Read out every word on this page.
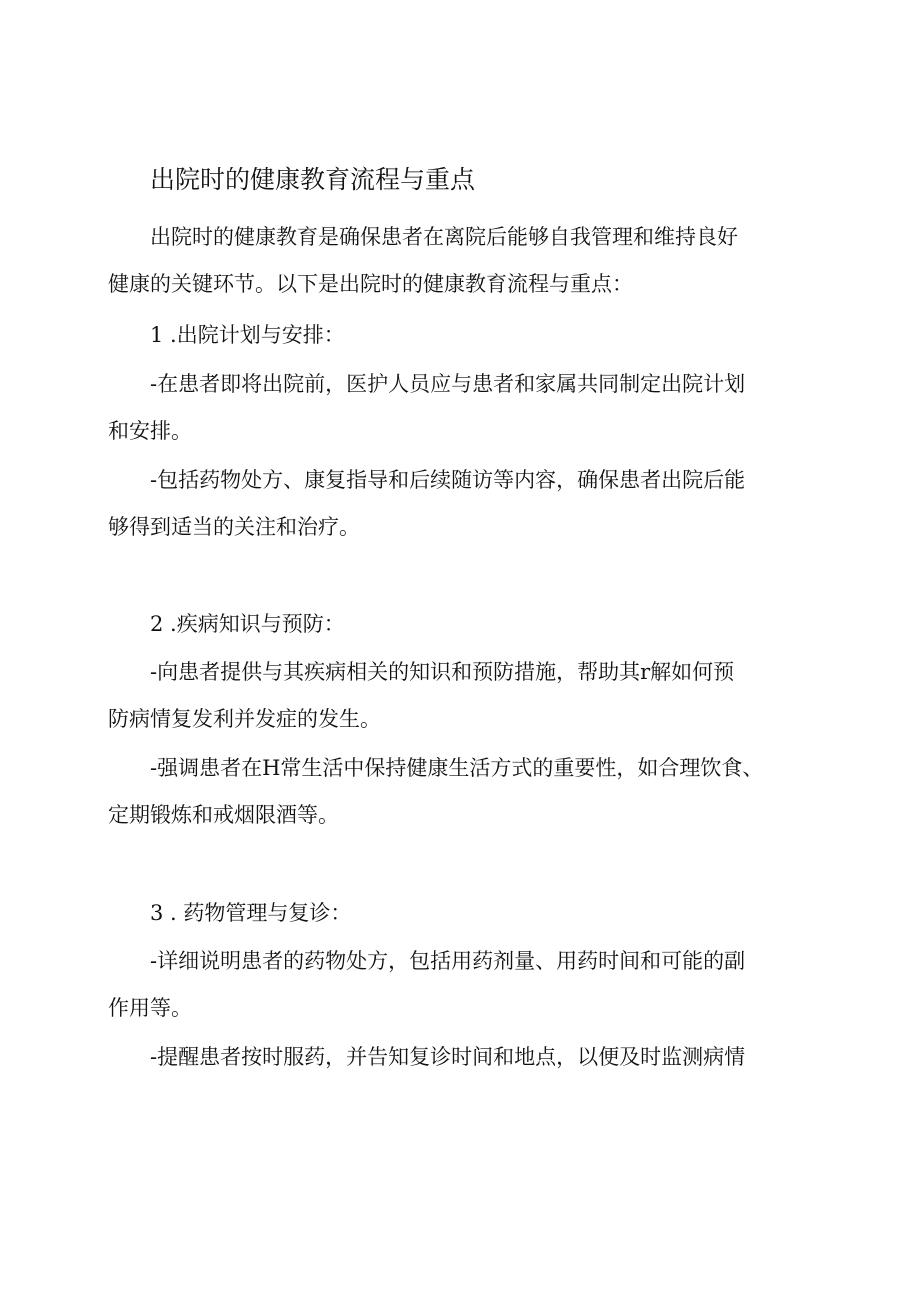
出院时的健康教育流程与重点
出院时的健康教育是确保患者在离院后能够自我管理和维持良好
健康的关键环节。以下是出院时的健康教育流程与重点：
1 .出院计划与安排：
-在患者即将出院前，医护人员应与患者和家属共同制定出院计划
和安排。
-包括药物处方、康复指导和后续随访等内容，确保患者出院后能
够得到适当的关注和治疗。
2 .疾病知识与预防：
-向患者提供与其疾病相关的知识和预防措施，帮助其r解如何预
防病情复发利并发症的发生。
-强调患者在H常生活中保持健康生活方式的重要性，如合理饮食、
定期锻炼和戒烟限酒等。
3 . 药物管理与复诊：
-详细说明患者的药物处方，包括用药剂量、用药时间和可能的副
作用等。
-提醒患者按时服药，并告知复诊时间和地点，以便及时监测病情
